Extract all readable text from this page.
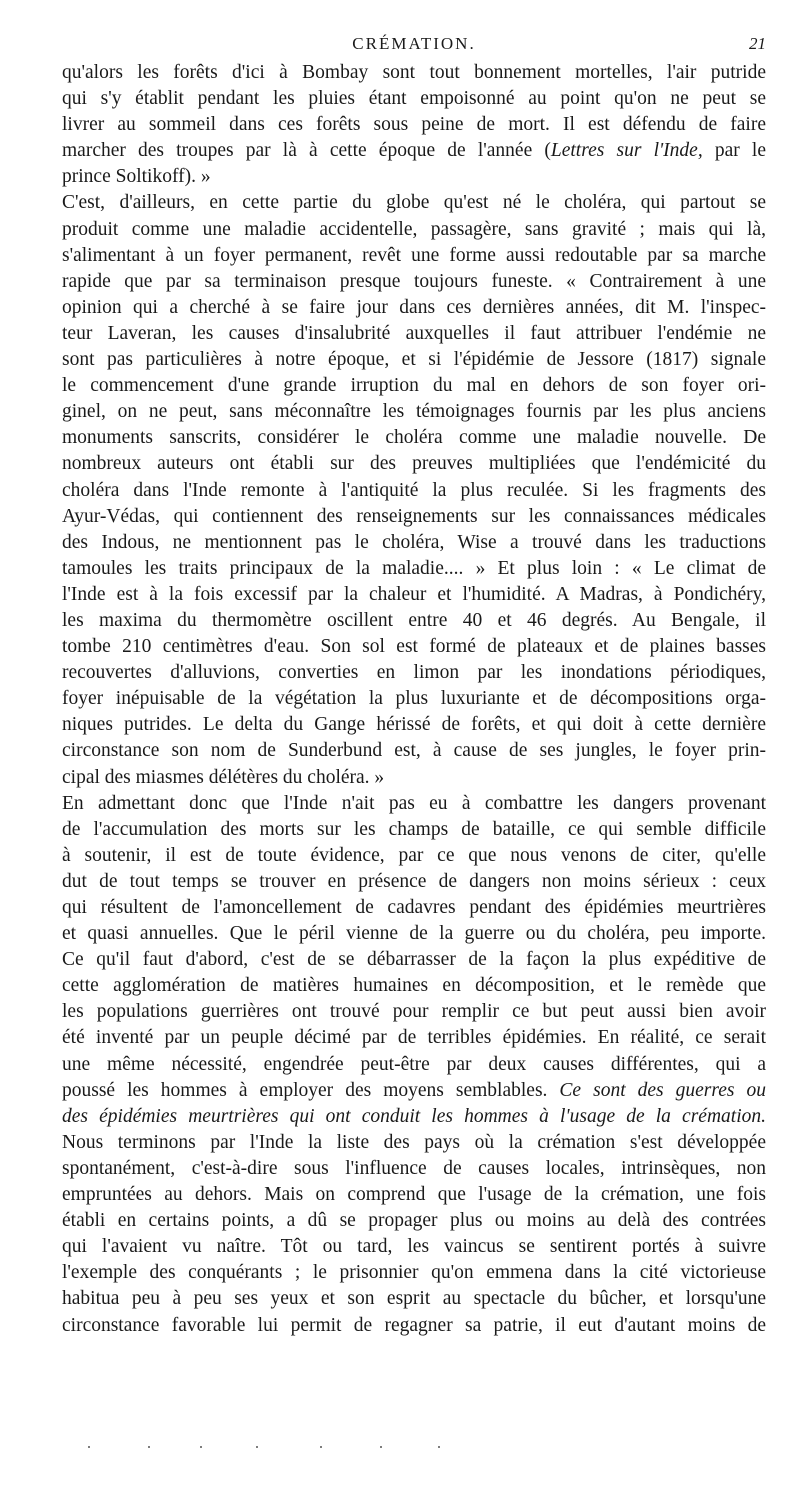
CRÉMATION.	21
qu'alors les forêts d'ici à Bombay sont tout bonnement mortelles, l'air putride
qui s'y établit pendant les pluies étant empoisonné au point qu'on ne peut se
livrer au sommeil dans ces forêts sous peine de mort. Il est défendu de faire
marcher des troupes par là à cette époque de l'année (Lettres sur l'Inde, par le
prince Soltikoff). »
C'est, d'ailleurs, en cette partie du globe qu'est né le choléra, qui partout se
produit comme une maladie accidentelle, passagère, sans gravité ; mais qui là,
s'alimentant à un foyer permanent, revêt une forme aussi redoutable par sa marche
rapide que par sa terminaison presque toujours funeste. « Contrairement à une
opinion qui a cherché à se faire jour dans ces dernières années, dit M. l'inspec-
teur Laveran, les causes d'insalubrité auxquelles il faut attribuer l'endémie ne
sont pas particulières à notre époque, et si l'épidémie de Jessore (1817) signale
le commencement d'une grande irruption du mal en dehors de son foyer ori-
ginel, on ne peut, sans méconnaître les témoignages fournis par les plus anciens
monuments sanscrits, considérer le choléra comme une maladie nouvelle. De
nombreux auteurs ont établi sur des preuves multipliées que l'endémicité du
choléra dans l'Inde remonte à l'antiquité la plus reculée. Si les fragments des
Ayur-Védas, qui contiennent des renseignements sur les connaissances médicales
des Indous, ne mentionnent pas le choléra, Wise a trouvé dans les traductions
tamoules les traits principaux de la maladie.... » Et plus loin : « Le climat de
l'Inde est à la fois excessif par la chaleur et l'humidité. A Madras, à Pondichéry,
les maxima du thermomètre oscillent entre 40 et 46 degrés. Au Bengale, il
tombe 210 centimètres d'eau. Son sol est formé de plateaux et de plaines basses
recouvertes d'alluvions, converties en limon par les inondations périodiques,
foyer inépuisable de la végétation la plus luxuriante et de décompositions orga-
niques putrides. Le delta du Gange hérissé de forêts, et qui doit à cette dernière
circonstance son nom de Sunderbund est, à cause de ses jungles, le foyer prin-
cipal des miasmes délétères du choléra. »
En admettant donc que l'Inde n'ait pas eu à combattre les dangers provenant
de l'accumulation des morts sur les champs de bataille, ce qui semble difficile
à soutenir, il est de toute évidence, par ce que nous venons de citer, qu'elle
dut de tout temps se trouver en présence de dangers non moins sérieux : ceux
qui résultent de l'amoncellement de cadavres pendant des épidémies meurtrières
et quasi annuelles. Que le péril vienne de la guerre ou du choléra, peu importe.
Ce qu'il faut d'abord, c'est de se débarrasser de la façon la plus expéditive de
cette agglomération de matières humaines en décomposition, et le remède que
les populations guerrières ont trouvé pour remplir ce but peut aussi bien avoir
été inventé par un peuple décimé par de terribles épidémies. En réalité, ce serait
une même nécessité, engendrée peut-être par deux causes différentes, qui a
poussé les hommes à employer des moyens semblables. Ce sont des guerres ou
des épidémies meurtrières qui ont conduit les hommes à l'usage de la crémation.
Nous terminons par l'Inde la liste des pays où la crémation s'est développée
spontanément, c'est-à-dire sous l'influence de causes locales, intrinsèques, non
empruntées au dehors. Mais on comprend que l'usage de la crémation, une fois
établi en certains points, a dû se propager plus ou moins au delà des contrées
qui l'avaient vu naître. Tôt ou tard, les vaincus se sentirent portés à suivre
l'exemple des conquérants ; le prisonnier qu'on emmena dans la cité victorieuse
habitua peu à peu ses yeux et son esprit au spectacle du bûcher, et lorsqu'une
circonstance favorable lui permit de regagner sa patrie, il eut d'autant moins de
